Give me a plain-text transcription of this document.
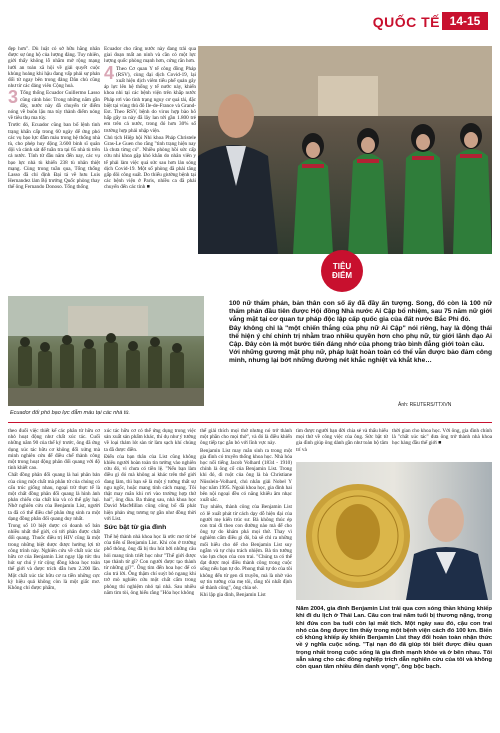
QUỐC TẾ 14-15

đẹp hơn". Dù luật có sở hữu hằng nhân được sự ủng hộ của lượng đáng. Tuy nhiên, giới thấy không lỗ nhằm mở rộng mạng lưới an toàn xã hội về giải quyết cuộc khủng hoảng khi hậu đang vấp phải sự phản đối từ ngay bên trong đảng Dân chủ cũng như từ các đảng viên Cộng hoà.

3 Tổng thống Ecuador Guillermo Lasso cũng cảnh báo: Trong những năm gần đây, nước này đã chuyển từ điểm nóng về buôn lậu ma túy thành điểm nóng về tiêu thụ ma túy.

Trước đó, Ecuador cũng ban bố lệnh tình trạng khẩn cấp trong 60 ngày để ứng phó các vụ bạo lực đẫm máu trong hệ thống nhà tù, cho phép huy động 3.600 binh sĩ quân đội và cảnh sát để tuần tra tại 65 nhà tù trên cả nước. Tính từ đầu năm đến nay, các vụ bạo lực nhà tù khiến 238 tù nhân thiệt mạng. Cùng trong tuần qua, Tổng thống Lasso đã chỉ định Đại tá về hưu Luis Hernandez làm Bộ trưởng Quốc phòng thay thế ông Fernando Donoso. Tổng thống

Ecuador cho rằng nước này đang trải qua giai đoạn mất an ninh và cần có một lực lượng quốc phòng mạnh hơn, cứng rắn hơn.

4 Theo Cơ quan Y tế công đồng Pháp (RSV), cùng đại dịch Covid-19, lại xuất hiện dịch viêm tiểu phế quản gây áp lực lên hệ thống y tế nước này, khiến khoa nhi tại các bệnh viện trên khắp nước Pháp rơi vào tình trạng nguy cơ quá tải, đặc biệt tại vùng thủ đô Ile-de-France và Grand-Est. Theo RSV, bệnh do virus hợp bào hô hấp gây ra này đã lây lan tới gần 1.800 trẻ em trên cả nước, trong đó hơn 30% số trường hợp phải nhập viện.

Chủ tịch Hiệp hội Nhi khoa Pháp Christele Gras-Le Guen cho rằng "tình trạng hiện nay là chưa từng có". Nhiều phòng hồi sức cấp cứu nhi khoa gặp khó khăn do nhân viên y tế phải làm việc quá sức sau hơn làn sóng dịch Covid-19. Một số phòng đã phải tăng gấp đôi công suất. Do thiếu giường bệnh tại các bệnh viện ở Paris, nhiều ca đã phải chuyển đến các tỉnh ■

TIÊU
ĐIỂM
100 nữ thẩm phán, bản thân con số ấy đã đầy ấn tượng. Song, đó còn là 100 nữ thẩm phán đầu tiên được Hội đồng Nhà nước Ai Cập bổ nhiệm, sau 75 năm nữ giới vắng mặt tại cơ quan tư pháp độc lập cấp quốc gia của đất nước Bắc Phi đó.
Đây không chỉ là "một chiến thắng của phụ nữ Ai Cập" nói riêng, hay là động thái thể hiện ý chí chính trị nhằm trao nhiều quyền hơn cho phụ nữ, từ giới lãnh đạo Ai Cập. Đây còn là một bước tiến đáng nhớ của phong trào bình đẳng giới toàn cầu.
Với những gương mặt phụ nữ, pháp luật hoàn toàn có thể vẫn được bảo đảm công minh, nhưng lại bớt những đường nét khắc nghiệt và khắt khe…
Ảnh: REUTERS/TTXVN
Ecuador đối phó bạo lực đẫm máu tại các nhà tù.

theo đuổi việc thiết kế các phân tử hữu cơ nhỏ hoạt động như chất xúc tác. Cuối những năm 90 của thế kỷ trước, ông đã ứng dụng xúc tác hữu cơ không đối xứng mà minh nghiên cứu để điều chế thành công một trong hoạt động phân đối quang với độ tinh khiết cao.

Chất đồng phân đối quang là hai phân bản của cùng một chất mà phân tử của chúng có cấu trúc giống nhau, ngoại trừ thực tế là một chất đồng phân đối quang là hình ảnh phản chiếu của chất kia và có thể gây hại. Nhờ nghiên cứu của Benjamin List, người ta đã có thể điều chế phân ứng sinh ra một dạng đồng phân đối quang duy nhất.

Trong số 10 biệt dược có doanh số bán nhiều nhất thế giới, có tới phân được chất đối quang. Thuốc điều trị HIV cũng là một trong những biệt dược được hưởng lợi từ công trình này. Nghiên cứu về chất xúc tác hữu cơ của Benjamin List ngay lập tức thu hút sự chú ý từ cộng đồng khoa học toàn thế giới và được trích dẫn hơn 2.200 lần. Một chất xúc tác hữu cơ ra tiền những cực kỳ hiệu quả không còn là một giấc mơ. Không chỉ được phẩm,

xúc tác hữu cơ có thể ứng dụng trong việc sản xuất sản phẩm khác, thí dụ như ý tưởng về loại thảm lót sàn từ làm sạch khí chúng ta đã được điền.

Điển của bạn thân của List cũng không khiêu người hoàn toàn tin tưởng vào nghiên cứu đó, vì chưa có tiền lệ. "Nếu bạn làm điều gì đó mà không ai khác trên thế giới đang làm, thì bạn sẽ là một ý tưởng thất sự ngu ngốc, hoặc mang tính cách mạng. Tôi thật may mắn khi rơi vào trường hợp thứ hai", ông đùa. Ba tháng sau, nhà khoa học David MacMillan cũng công bố đã phát hiện phản ứng tương tự gần như đồng thời với List.

Sức bật từ gia đình

Thế hệ thành nhà khoa học là ước mơ từ bé của tiến sĩ Benjamin List. Khi còn ở trường phổ thông, ông đã bị thu hút bởi những câu hỏi mang tính triết học như "Thế giới được tạo thành từ gì? Con người được tạo thành từ những gì?". Ông tìm đến hoa học để có câu trả lời. Ông thậm chí suýt bỏ ngang khi trở mò nghiên cứu một chất cấm trong phòng thí nghiệm nhỏ tại nhà. Sau nhiều năm tìm tòi, ông hiểu rằng "Hóa học không

thể giải thích mọi thứ nhưng nó trở thành một phần cho mọi thứ", và đó là điều khiến ông tiếp tục gắn bó với lĩnh vực này.

Benjamin List may mắn sinh ra trong một gia đình có truyền thống khoa học. Nhà hóa học nổi tiếng Jacob Volhard (1834 - 1910) chính là ông cố của Benjamin List. Trong khi đó, dì ruột của ông là bà Christiane Nüsslein-Volhard, chủ nhân giải Nobel Y học năm 1995. Ngoài khoa học, gia đình hai bên nội ngoại đều có năng khiếu âm nhạc xuất sắc.

Tuy nhiên, thành công của Benjamin List có lẽ xuất phát từ cách dạy dỗ hiện đại của người mẹ kiến trúc sư. Bà không thúc ép con trai đi theo con đường nào mà để cho ông tự do khám phá mọi thứ. Thay vì nghiêm cấm điều gì đó, bà sẽ chỉ ra những mối hiểu cho dể cho Benjamin List suy ngẫm và tự chịu trách nhiệm. Bà tin tưởng vào lựa chọn của con trai. "Chúng ta có thể đạt được mọi điều thành công trong cuộc sống nếu bạn tự do. Phong thái tự do của tôi không đến từ gen di truyền, mà là nhờ vào sự tin tưởng của mẹ tôi, rằng tôi nhất định sẽ thành công", ông chia sẻ.

Khi lập gia đình, Benjamin List

tìm được người bạn đời chia sẻ và thấu hiểu mọi thứ về công việc của ông. Sức bật từ gia đình giúp ông dành gần như toàn bộ tâm trí và

thời gian cho khoa học. Với ông, gia đình chính là "chất xúc tác" đưa ông trở thành nhà khoa học hàng đầu thế giới ■

Năm 2004, gia đình Benjamin List trải qua cơn sóng thần khủng khiếp khi đi du lịch ở Thái Lan. Câu con trai năm tuổi bị thương nặng, trong khi đứa con ba tuổi còn lại mất tích. Một ngày sau đó, cậu con trai nhỏ của ông được tìm thấy trong một bệnh viện cách đó 100 km. Biến cố khủng khiếp ấy khiến Benjamin List thay đổi hoàn toàn nhận thức về ý nghĩa cuộc sống. "Tại nạn đó đã giúp tôi biết được điều quan trọng nhất trong cuộc sống là gia đình mạnh khỏe và ở bên nhau. Tôi sẵn sàng cho các đồng nghiệp trích dẫn nghiên cứu của tôi và không còn quan tâm nhiều đến danh vọng", ông bộc bạch.
